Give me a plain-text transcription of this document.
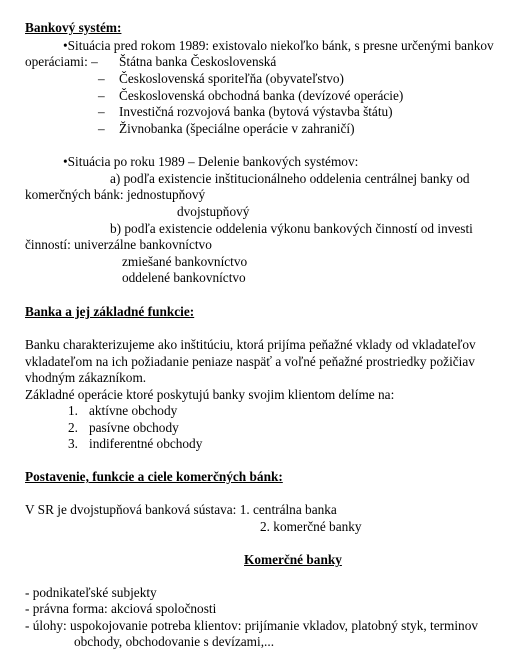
Bankový systém:
•Situácia pred rokom 1989: existovalo niekoľko bánk, s presne určenými bankov
operáciami: – Štátna banka Československá
– Československá sporiteľňa (obyvateľstvo)
– Československá obchodná banka (devízové operácie)
– Investičná rozvojová banka (bytová výstavba štátu)
– Živnobanka (špeciálne operácie v zahraničí)
•Situácia po roku 1989 – Delenie bankových systémov:
a) podľa existencie inštitucionálneho oddelenia centrálnej banky od
komerčných bánk: jednostupňový
dvojstupňový
b) podľa existencie oddelenia výkonu bankových činností od investi
činností: univerzálne bankovníctvo
zmiešané bankovníctvo
oddelené bankovníctvo
Banka a jej základné funkcie:
Banku charakterizujeme ako inštitúciu, ktorá prijíma peňažné vklady od vkladateľov
vkladateľom na ich požiadanie peniaze naspäť a voľné peňažné prostriedky požičiav
vhodným zákazníkom.
Základné operácie ktoré poskytujú banky svojim klientom delíme na:
1. aktívne obchody
2. pasívne obchody
3. indiferentné obchody
Postavenie, funkcie a ciele komerčných bánk:
V SR je dvojstupňová banková sústava: 1. centrálna banka
2. komerčné banky
Komerčné banky
- podnikateľské subjekty
- právna forma: akciová spoločnosti
- úlohy: uspokojovanie potreba klientov: prijímanie vkladov, platobný styk, terminov
obchody, obchodovanie s devízami,...
